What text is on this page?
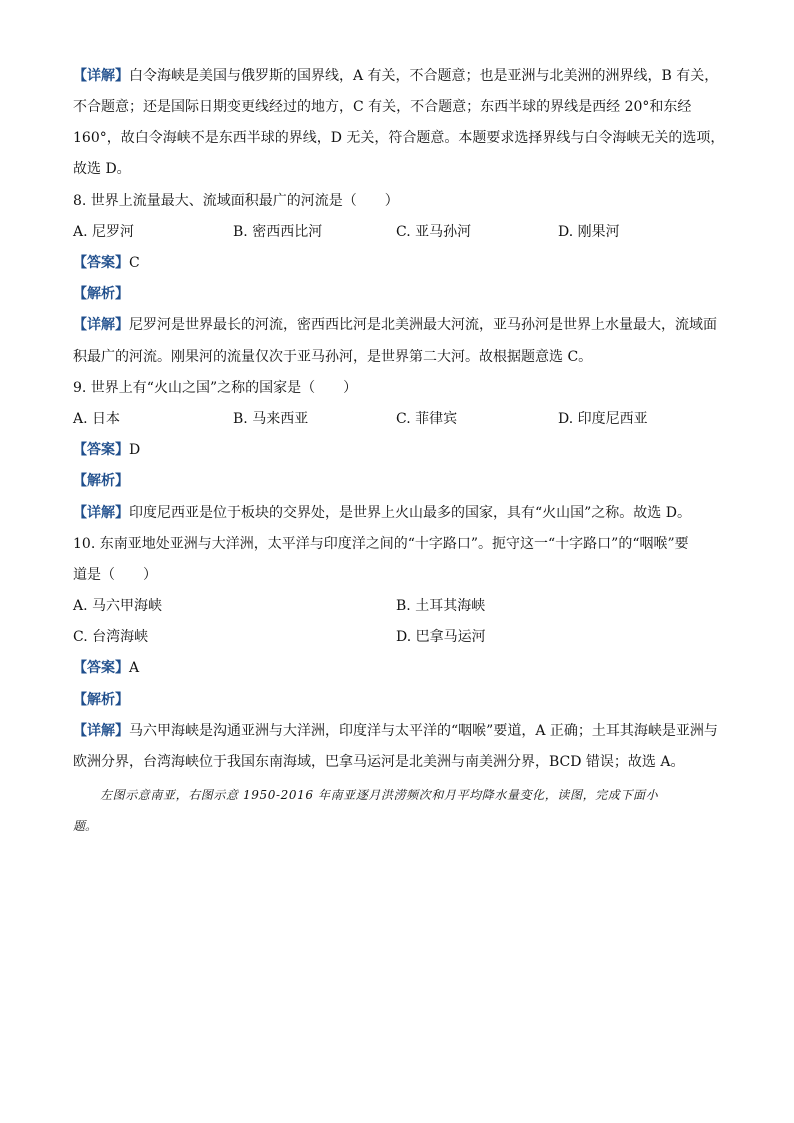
【详解】白令海峡是美国与俄罗斯的国界线，A 有关，不合题意；也是亚洲与北美洲的洲界线，B 有关，
不合题意；还是国际日期变更线经过的地方，C 有关，不合题意；东西半球的界线是西经 20°和东经
160°，故白令海峡不是东西半球的界线，D 无关，符合题意。本题要求选择界线与白令海峡无关的选项，
故选 D。
8. 世界上流量最大、流域面积最广的河流是（　　）
A. 尼罗河	B. 密西西比河	C. 亚马孙河	D. 刚果河
【答案】C
【解析】
【详解】尼罗河是世界最长的河流，密西西比河是北美洲最大河流，亚马孙河是世界上水量最大，流域面
积最广的河流。刚果河的流量仅次于亚马孙河，是世界第二大河。故根据题意选 C。
9. 世界上有“火山之国”之称的国家是（　　）
A. 日本	B. 马来西亚	C. 菲律宾	D. 印度尼西亚
【答案】D
【解析】
【详解】印度尼西亚是位于板块的交界处，是世界上火山最多的国家，具有“火山国”之称。故选 D。
10. 东南亚地处亚洲与大洋洲，太平洋与印度洋之间的“十字路口”。扼守这一“十字路口”的“咽喉”要
道是（　　）
A. 马六甲海峡	B. 土耳其海峡
C. 台湾海峡	D. 巴拿马运河
【答案】A
【解析】
【详解】马六甲海峡是沟通亚洲与大洋洲，印度洋与太平洋的“咽喉”要道，A 正确；土耳其海峡是亚洲与
欧洲分界，台湾海峡位于我国东南海域，巴拿马运河是北美洲与南美洲分界，BCD 错误；故选 A。
左图示意南亚，右图示意 1950-2016 年南亚逐月洪涝频次和月平均降水量变化，读图，完成下面小
题。
